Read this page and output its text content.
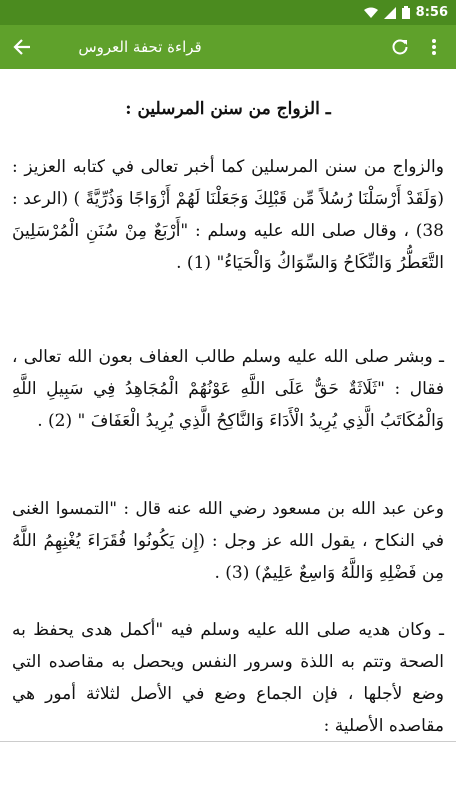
8:56
قراءة تحفة العروس
ـ الزواج من سنن المرسلين :
والزواج من سنن المرسلين كما أخبر تعالى في كتابه العزيز : (وَلَقَدْ أَرْسَلْنَا رُسُلاً مِّن قَبْلِكَ وَجَعَلْنَا لَهُمْ أَزْوَاجًا وَذُرِّيَّةً ) (الرعد : 38) ، وقال صلى الله عليه وسلم : "أَرْبَعٌ مِنْ سُنَنِ الْمُرْسَلِينَ التَّعَطُّرُ وَالنِّكَاحُ وَالسِّوَاكُ وَالْحَيَاءُ" (1) .
ـ وبشر صلى الله عليه وسلم طالب العفاف بعون الله تعالى ، فقال : "ثَلَاثَةٌ حَقٌّ عَلَى اللَّهِ عَوْنُهُمْ الْمُجَاهِدُ فِي سَبِيلِ اللَّهِ وَالْمُكَاتَبُ الَّذِي يُرِيدُ الْأَدَاءَ وَالنَّاكِحُ الَّذِي يُرِيدُ الْعَفَافَ " (2) .
وعن عبد الله بن مسعود رضي الله عنه قال : "التمسوا الغنى في النكاح ، يقول الله عز وجل : (إِن يَكُونُوا فُقَرَاءَ يُغْنِهِمُ اللَّهُ مِن فَضْلِهِ وَاللَّهُ وَاسِعٌ عَلِيمٌ) (3) .
ـ وكان هديه صلى الله عليه وسلم فيه "أكمل هدى يحفظ به الصحة وتتم به اللذة وسرور النفس ويحصل به مقاصده التي وضع لأجلها ، فإن الجماع وضع في الأصل لثلاثة أمور هي مقاصده الأصلية :
